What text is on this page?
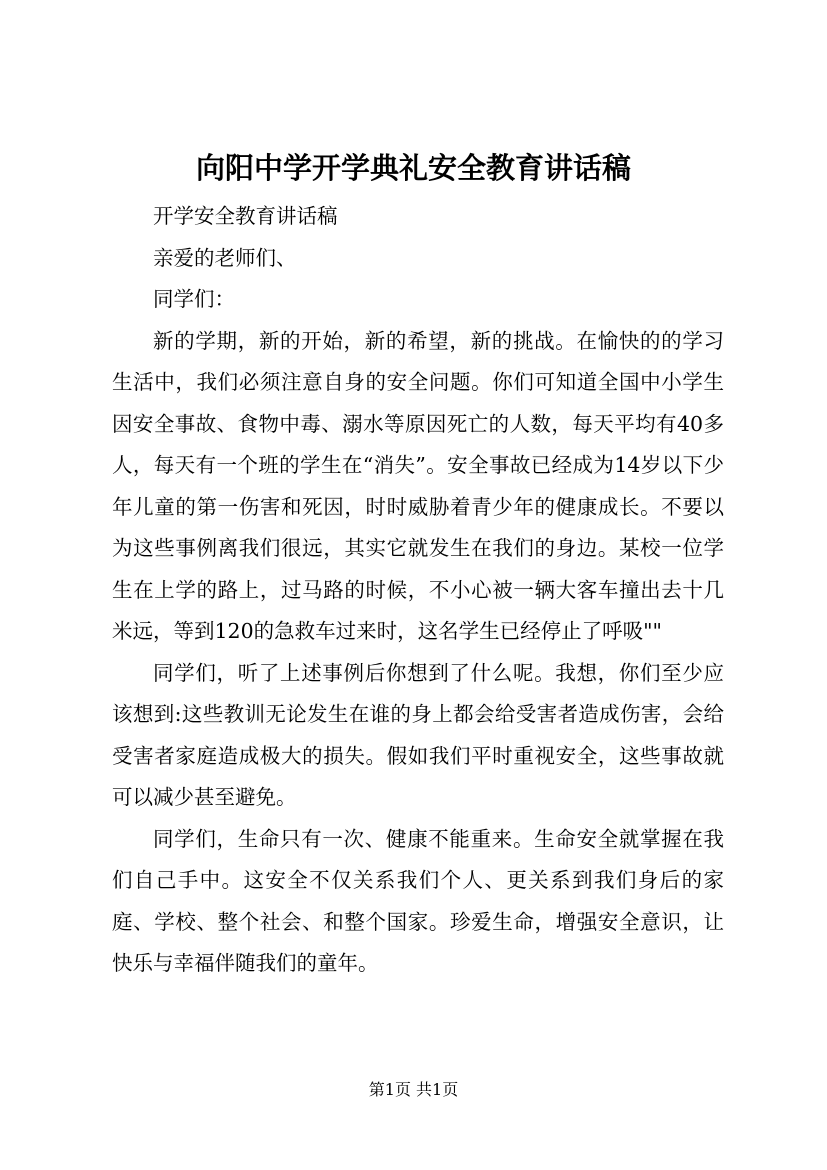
向阳中学开学典礼安全教育讲话稿

开学安全教育讲话稿

亲爱的老师们、

同学们：

新的学期，新的开始，新的希望，新的挑战。在愉快的的学习生活中，我们必须注意自身的安全问题。你们可知道全国中小学生因安全事故、食物中毒、溺水等原因死亡的人数，每天平均有40多人，每天有一个班的学生在“消失”。安全事故已经成为14岁以下少年儿童的第一伤害和死因，时时威胁着青少年的健康成长。不要以为这些事例离我们很远，其实它就发生在我们的身边。某校一位学生在上学的路上，过马路的时候，不小心被一辆大客车撞出去十几米远，等到120的急救车过来时，这名学生已经停止了呼吸""

同学们，听了上述事例后你想到了什么呢。我想，你们至少应该想到:这些教训无论发生在谁的身上都会给受害者造成伤害，会给受害者家庭造成极大的损失。假如我们平时重视安全，这些事故就可以减少甚至避免。

同学们，生命只有一次、健康不能重来。生命安全就掌握在我们自己手中。这安全不仅关系我们个人、更关系到我们身后的家庭、学校、整个社会、和整个国家。珍爱生命，增强安全意识，让快乐与幸福伴随我们的童年。

第1页 共1页
